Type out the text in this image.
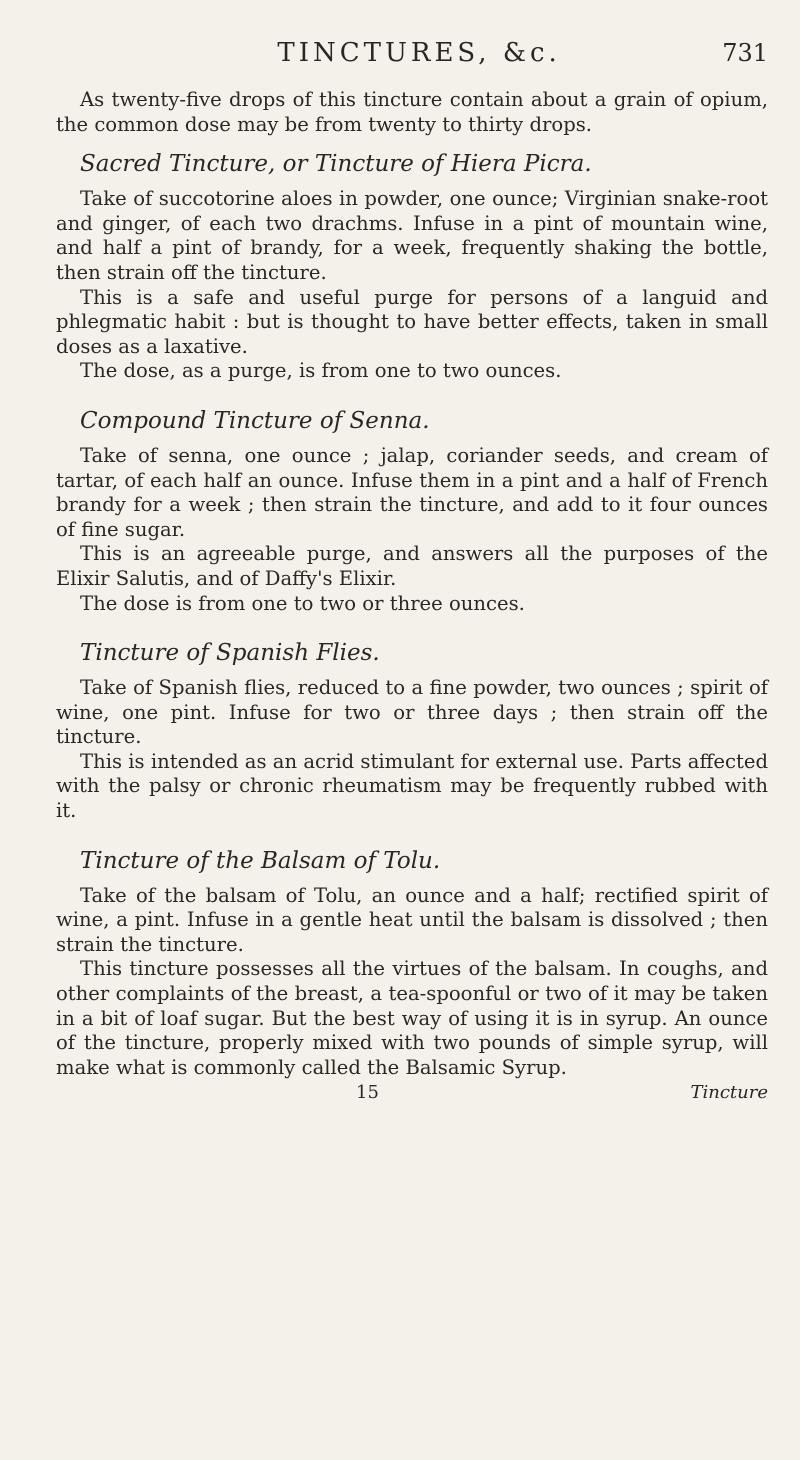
TINCTURES, &c.	731

As twenty-five drops of this tincture contain about a grain of opium, the common dose may be from twenty to thirty drops.

Sacred Tincture, or Tincture of Hiera Picra.

Take of succotorine aloes in powder, one ounce; Virginian snake-root and ginger, of each two drachms. Infuse in a pint of mountain wine, and half a pint of brandy, for a week, frequently shaking the bottle, then strain off the tincture.

This is a safe and useful purge for persons of a languid and phlegmatic habit : but is thought to have better effects, taken in small doses as a laxative.

The dose, as a purge, is from one to two ounces.

Compound Tincture of Senna.

Take of senna, one ounce ; jalap, coriander seeds, and cream of tartar, of each half an ounce. Infuse them in a pint and a half of French brandy for a week ; then strain the tincture, and add to it four ounces of fine sugar.

This is an agreeable purge, and answers all the purposes of the Elixir Salutis, and of Daffy's Elixir.

The dose is from one to two or three ounces.

Tincture of Spanish Flies.

Take of Spanish flies, reduced to a fine powder, two ounces ; spirit of wine, one pint. Infuse for two or three days ; then strain off the tincture.

This is intended as an acrid stimulant for external use. Parts affected with the palsy or chronic rheumatism may be frequently rubbed with it.

Tincture of the Balsam of Tolu.

Take of the balsam of Tolu, an ounce and a half; rectified spirit of wine, a pint. Infuse in a gentle heat until the balsam is dissolved ; then strain the tincture.

This tincture possesses all the virtues of the balsam. In coughs, and other complaints of the breast, a tea-spoonful or two of it may be taken in a bit of loaf sugar. But the best way of using it is in syrup. An ounce of the tincture, properly mixed with two pounds of simple syrup, will make what is commonly called the Balsamic Syrup.

15	Tincture
